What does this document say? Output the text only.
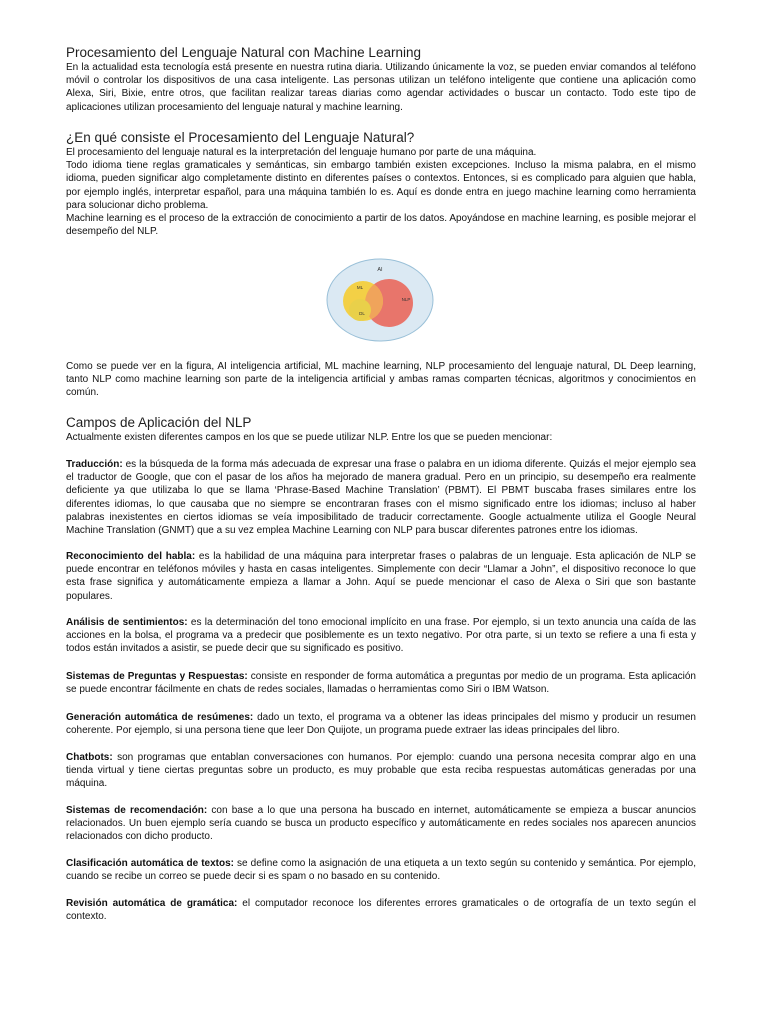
Procesamiento del Lenguaje Natural con Machine Learning

En la actualidad esta tecnología está presente en nuestra rutina diaria. Utilizando únicamente la voz, se pueden enviar comandos al teléfono móvil o controlar los dispositivos de una casa inteligente. Las personas utilizan un teléfono inteligente que contiene una aplicación como Alexa, Siri, Bixie, entre otros, que facilitan realizar tareas diarias como agendar actividades o buscar un contacto. Todo este tipo de aplicaciones utilizan procesamiento del lenguaje natural y machine learning.

¿En qué consiste el Procesamiento del Lenguaje Natural?

El procesamiento del lenguaje natural es la interpretación del lenguaje humano por parte de una máquina.

Todo idioma tiene reglas gramaticales y semánticas, sin embargo también existen excepciones. Incluso la misma palabra, en el mismo idioma, pueden significar algo completamente distinto en diferentes países o contextos. Entonces, si es complicado para alguien que habla, por ejemplo inglés, interpretar español, para una máquina también lo es. Aquí es donde entra en juego machine learning como herramienta para solucionar dicho problema.

Machine learning es el proceso de la extracción de conocimiento a partir de los datos. Apoyándose en machine learning, es posible mejorar el desempeño del NLP.

AI
ML
DL
NLP

Como se puede ver en la figura, AI inteligencia artificial, ML machine learning, NLP procesamiento del lenguaje natural, DL Deep learning, tanto NLP como machine learning son parte de la inteligencia artificial y ambas ramas comparten técnicas, algoritmos y conocimientos en común.

Campos de Aplicación del NLP

Actualmente existen diferentes campos en los que se puede utilizar NLP. Entre los que se pueden mencionar:

Traducción: es la búsqueda de la forma más adecuada de expresar una frase o palabra en un idioma diferente. Quizás el mejor ejemplo sea el traductor de Google, que con el pasar de los años ha mejorado de manera gradual. Pero en un principio, su desempeño era realmente deficiente ya que utilizaba lo que se llama ‘Phrase-Based Machine Translation’ (PBMT). El PBMT buscaba frases similares entre los diferentes idiomas, lo que causaba que no siempre se encontraran frases con el mismo significado entre los idiomas; incluso al haber palabras inexistentes en ciertos idiomas se veía imposibilitado de traducir correctamente. Google actualmente utiliza el Google Neural Machine Translation (GNMT) que a su vez emplea Machine Learning con NLP para buscar diferentes patrones entre los idiomas.

Reconocimiento del habla: es la habilidad de una máquina para interpretar frases o palabras de un lenguaje. Esta aplicación de NLP se puede encontrar en teléfonos móviles y hasta en casas inteligentes. Simplemente con decir “Llamar a John”, el dispositivo reconoce lo que esta frase significa y automáticamente empieza a llamar a John. Aquí se puede mencionar el caso de Alexa o Siri que son bastante populares.

Análisis de sentimientos: es la determinación del tono emocional implícito en una frase. Por ejemplo, si un texto anuncia una caída de las acciones en la bolsa, el programa va a predecir que posiblemente es un texto negativo. Por otra parte, si un texto se refiere a una fi esta y todos están invitados a asistir, se puede decir que su significado es positivo.

Sistemas de Preguntas y Respuestas: consiste en responder de forma automática a preguntas por medio de un programa. Esta aplicación se puede encontrar fácilmente en chats de redes sociales, llamadas o herramientas como Siri o IBM Watson.

Generación automática de resúmenes: dado un texto, el programa va a obtener las ideas principales del mismo y producir un resumen coherente. Por ejemplo, si una persona tiene que leer Don Quijote, un programa puede extraer las ideas principales del libro.

Chatbots: son programas que entablan conversaciones con humanos. Por ejemplo: cuando una persona necesita comprar algo en una tienda virtual y tiene ciertas preguntas sobre un producto, es muy probable que esta reciba respuestas automáticas generadas por una máquina.

Sistemas de recomendación: con base a lo que una persona ha buscado en internet, automáticamente se empieza a buscar anuncios relacionados. Un buen ejemplo sería cuando se busca un producto específico y automáticamente en redes sociales nos aparecen anuncios relacionados con dicho producto.

Clasificación automática de textos: se define como la asignación de una etiqueta a un texto según su contenido y semántica. Por ejemplo, cuando se recibe un correo se puede decir si es spam o no basado en su contenido.

Revisión automática de gramática: el computador reconoce los diferentes errores gramaticales o de ortografía de un texto según el contexto.
